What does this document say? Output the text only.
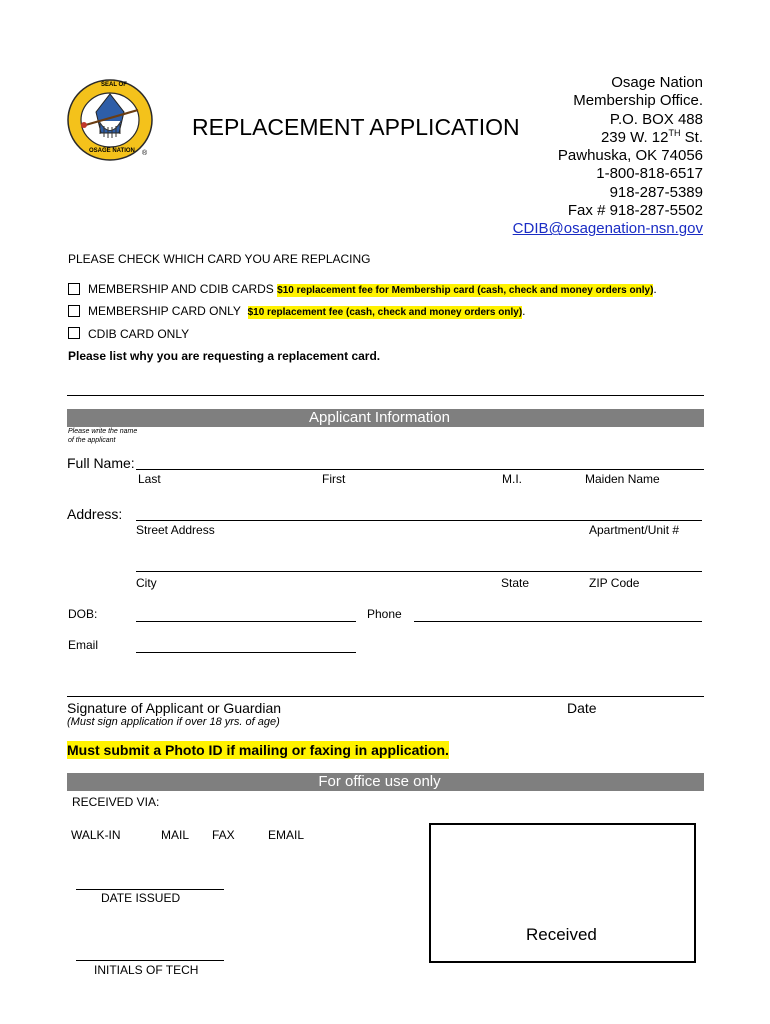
SEAL OF
OSAGE NATION ®
REPLACEMENT APPLICATION
Osage Nation
Membership Office.
P.O. BOX 488
239 W. 12TH St.
Pawhuska, OK 74056
1-800-818-6517
918-287-5389
Fax # 918-287-5502
CDIB@osagenation-nsn.gov
PLEASE CHECK WHICH CARD YOU ARE REPLACING
MEMBERSHIP AND CDIB CARDS $10 replacement fee for Membership card (cash, check and money orders only).
MEMBERSHIP CARD ONLY $10 replacement fee (cash, check and money orders only).
CDIB CARD ONLY
Please list why you are requesting a replacement card.
Applicant Information
Please write the name of the applicant
Full Name:
Last	First	M.I.	Maiden Name
Address:
Street Address	Apartment/Unit #
City	State	ZIP Code
DOB:	Phone
Email
Signature of Applicant or Guardian	Date
(Must sign application if over 18 yrs. of age)
Must submit a Photo ID if mailing or faxing in application.
For office use only
RECEIVED VIA:
WALK-IN	MAIL FAX	EMAIL
DATE ISSUED
INITIALS OF TECH
Received
